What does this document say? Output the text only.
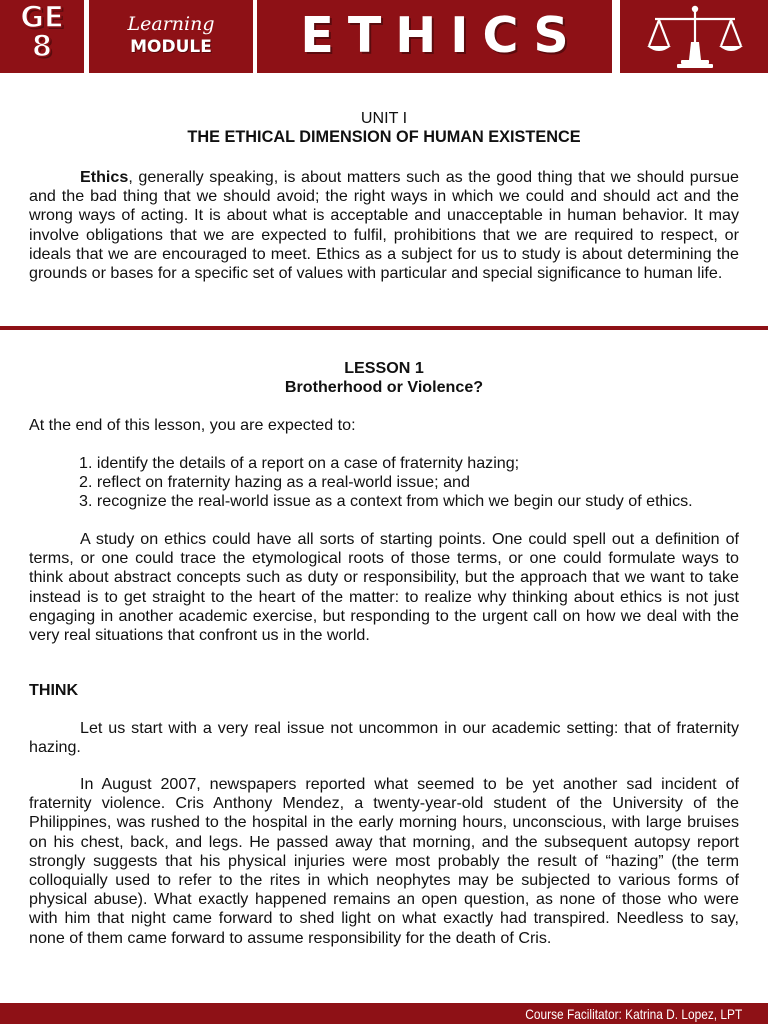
GE
8
Learning
MODULE	ETHICS
UNIT I
THE ETHICAL DIMENSION OF HUMAN EXISTENCE

Ethics, generally speaking, is about matters such as the good thing that we should pursue and the bad thing that we should avoid; the right ways in which we could and should act and the wrong ways of acting. It is about what is acceptable and unacceptable in human behavior. It may involve obligations that we are expected to fulfil, prohibitions that we are required to respect, or ideals that we are encouraged to meet. Ethics as a subject for us to study is about determining the grounds or bases for a specific set of values with particular and special significance to human life.

LESSON 1
Brotherhood or Violence?
At the end of this lesson, you are expected to:
1. identify the details of a report on a case of fraternity hazing;
2. reflect on fraternity hazing as a real-world issue; and
3. recognize the real-world issue as a context from which we begin our study of ethics.

A study on ethics could have all sorts of starting points. One could spell out a definition of terms, or one could trace the etymological roots of those terms, or one could formulate ways to think about abstract concepts such as duty or responsibility, but the approach that we want to take instead is to get straight to the heart of the matter: to realize why thinking about ethics is not just engaging in another academic exercise, but responding to the urgent call on how we deal with the very real situations that confront us in the world.

THINK

Let us start with a very real issue not uncommon in our academic setting: that of fraternity hazing.

In August 2007, newspapers reported what seemed to be yet another sad incident of fraternity violence. Cris Anthony Mendez, a twenty-year-old student of the University of the Philippines, was rushed to the hospital in the early morning hours, unconscious, with large bruises on his chest, back, and legs. He passed away that morning, and the subsequent autopsy report strongly suggests that his physical injuries were most probably the result of “hazing” (the term colloquially used to refer to the rites in which neophytes may be subjected to various forms of physical abuse). What exactly happened remains an open question, as none of those who were with him that night came forward to shed light on what exactly had transpired. Needless to say, none of them came forward to assume responsibility for the death of Cris.

Course Facilitator: Katrina D. Lopez, LPT
